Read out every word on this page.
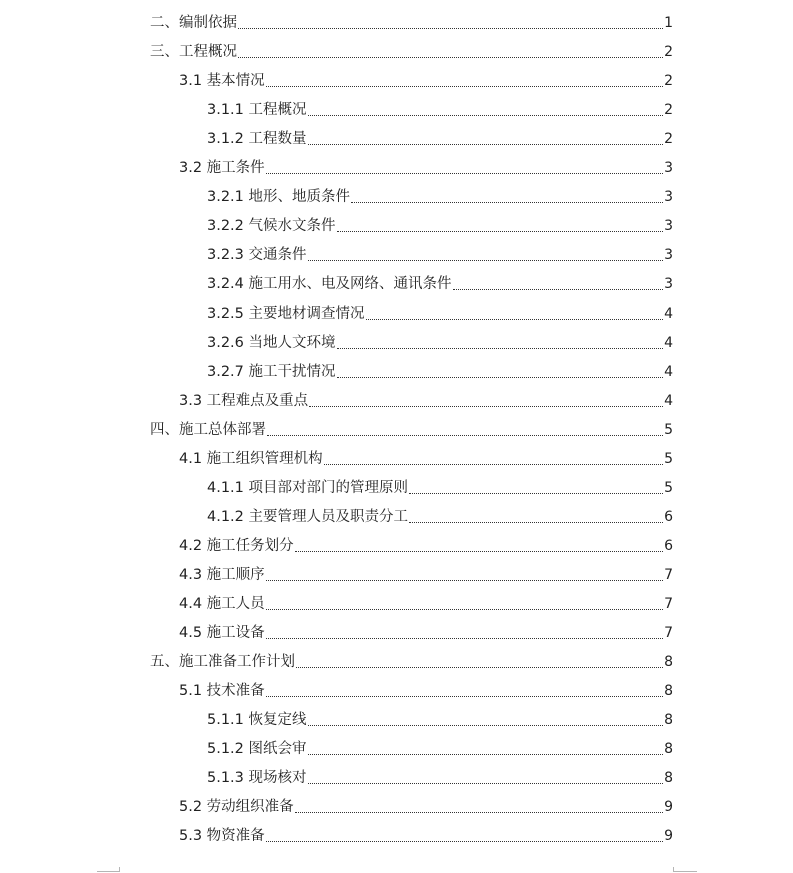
二、编制依据	1
三、工程概况	2
3.1 基本情况	2
3.1.1 工程概况	2
3.1.2 工程数量	2
3.2 施工条件	3
3.2.1 地形、地质条件	3
3.2.2 气候水文条件	3
3.2.3 交通条件	3
3.2.4 施工用水、电及网络、通讯条件	3
3.2.5 主要地材调查情况	4
3.2.6 当地人文环境	4
3.2.7 施工干扰情况	4
3.3 工程难点及重点	4
四、施工总体部署	5
4.1 施工组织管理机构	5
4.1.1 项目部对部门的管理原则	5
4.1.2 主要管理人员及职责分工	6
4.2 施工任务划分	6
4.3 施工顺序	7
4.4 施工人员	7
4.5 施工设备	7
五、施工准备工作计划	8
5.1 技术准备	8
5.1.1 恢复定线	8
5.1.2 图纸会审	8
5.1.3 现场核对	8
5.2 劳动组织准备	9
5.3 物资准备	9
